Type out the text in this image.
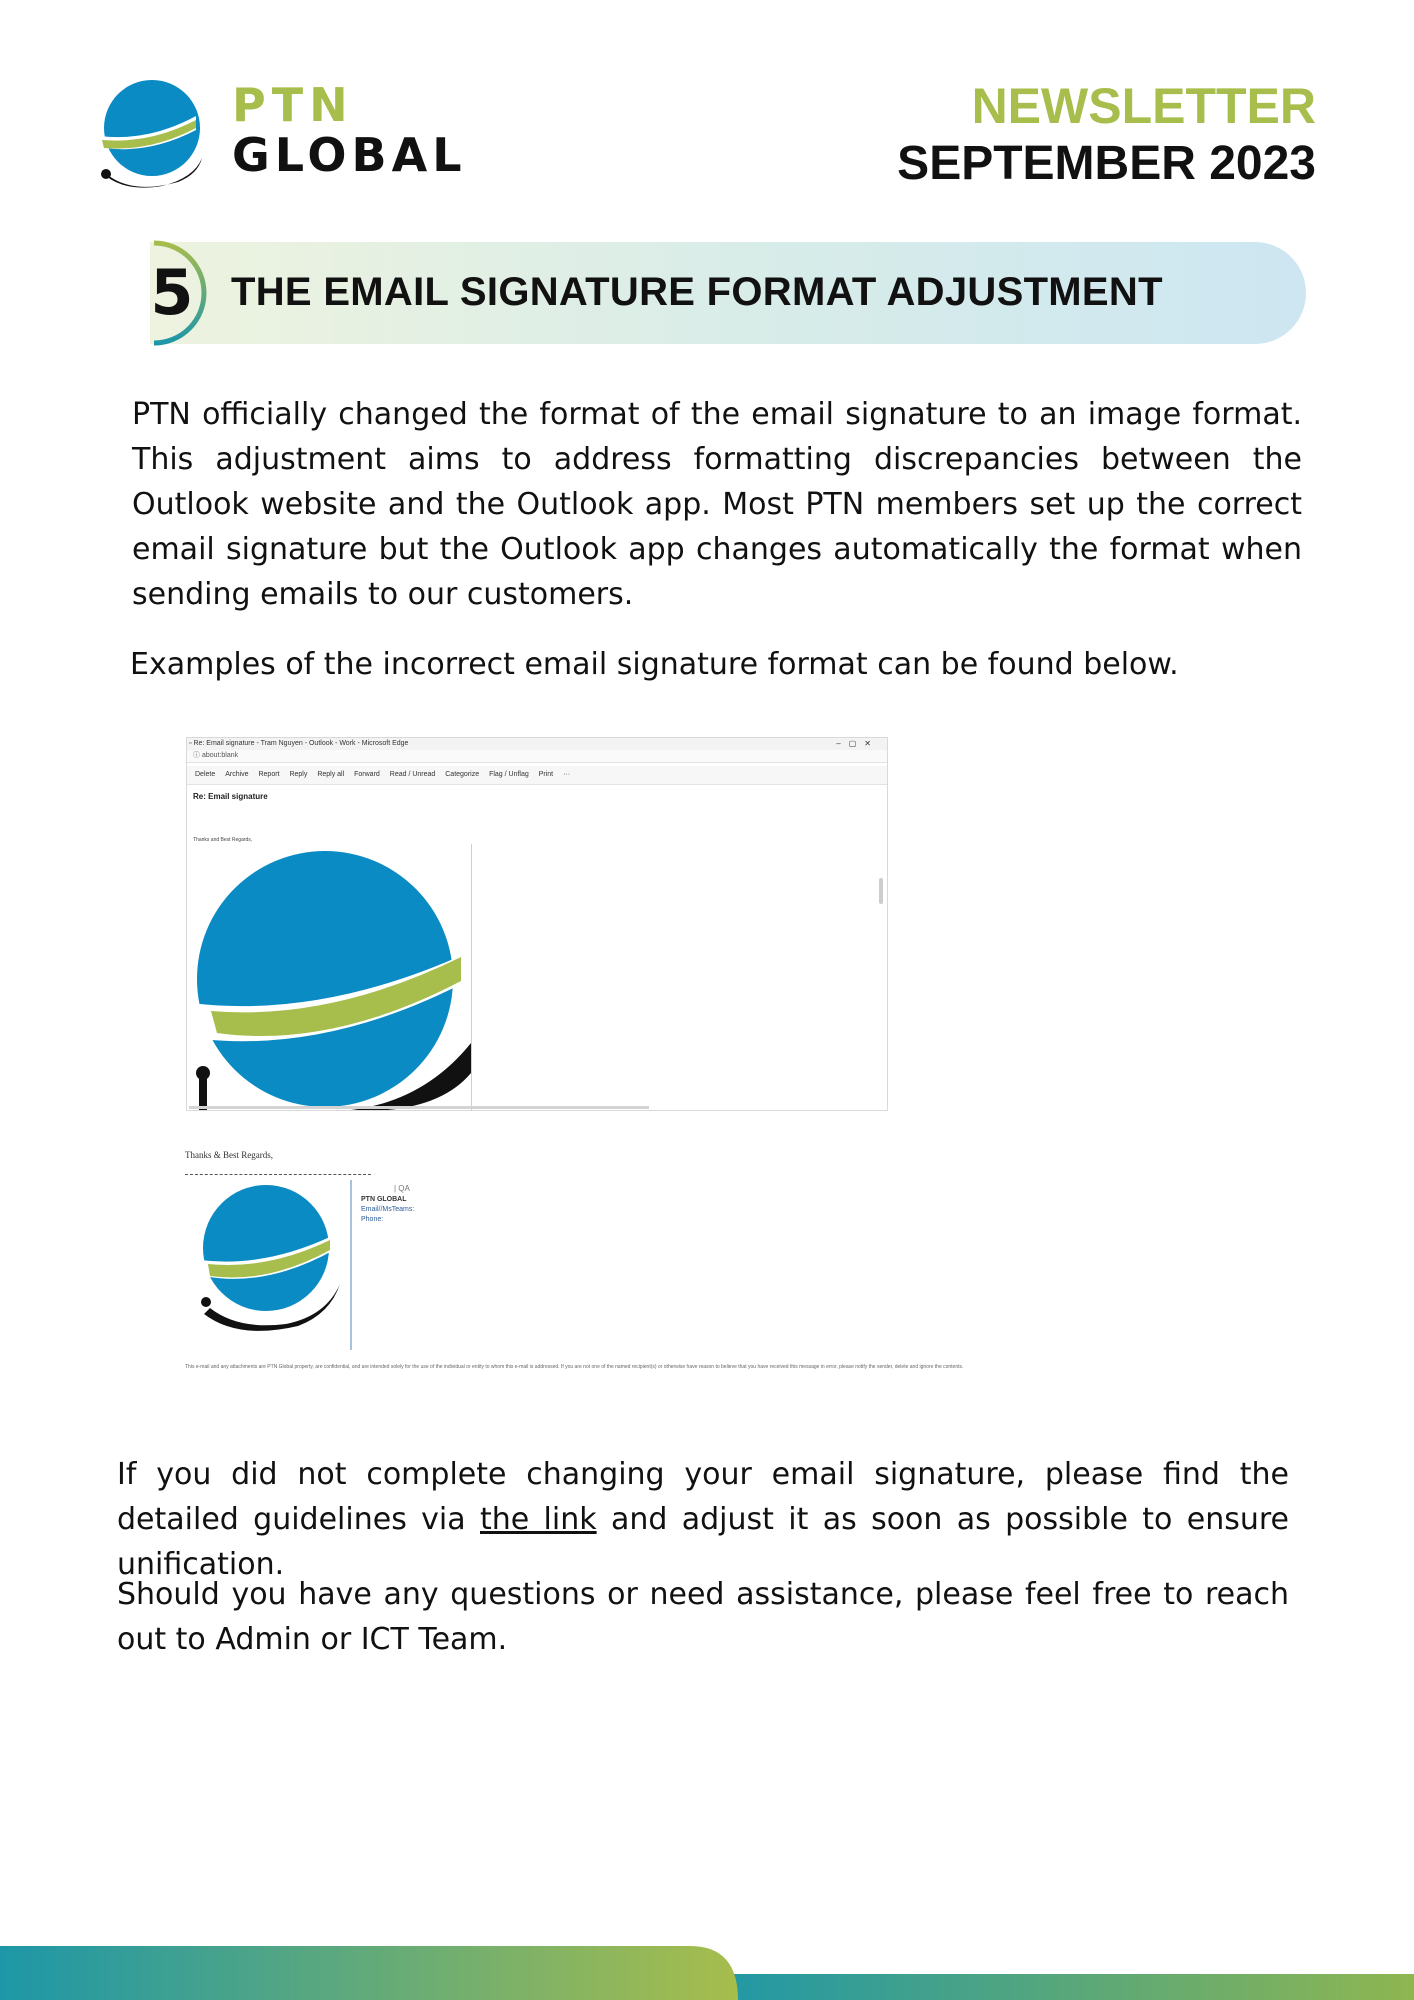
PTN
GLOBAL
NEWSLETTER
SEPTEMBER 2023
5 THE EMAIL SIGNATURE FORMAT ADJUSTMENT

PTN officially changed the format of the email signature to an image format. This adjustment aims to address formatting discrepancies between the Outlook website and the Outlook app. Most PTN members set up the correct email signature but the Outlook app changes automatically the format when sending emails to our customers.

Examples of the incorrect email signature format can be found below.

▫ Re: Email signature - Tram Nguyen - Outlook - Work - Microsoft Edge	–▢✕
ⓘ about:blank
Delete Archive Report Reply Reply all Forward Read / Unread Categorize Flag / Unflag Print ···
Re: Email signature
Thanks and Best Regards,
Thanks & Best Regards,
| QA
PTN GLOBAL
Email//MsTeams:
Phone:
This e-mail and any attachments are PTN Global property, are confidential, and are intended solely for the use of the individual or entity to whom this e-mail is addressed. If you are not one of the named recipient(s) or otherwise have reason to believe that you have received this message in error, please notify the sender, delete and ignore the contents.

If you did not complete changing your email signature, please find the detailed guidelines via the link and adjust it as soon as possible to ensure unification.

Should you have any questions or need assistance, please feel free to reach out to Admin or ICT Team.
